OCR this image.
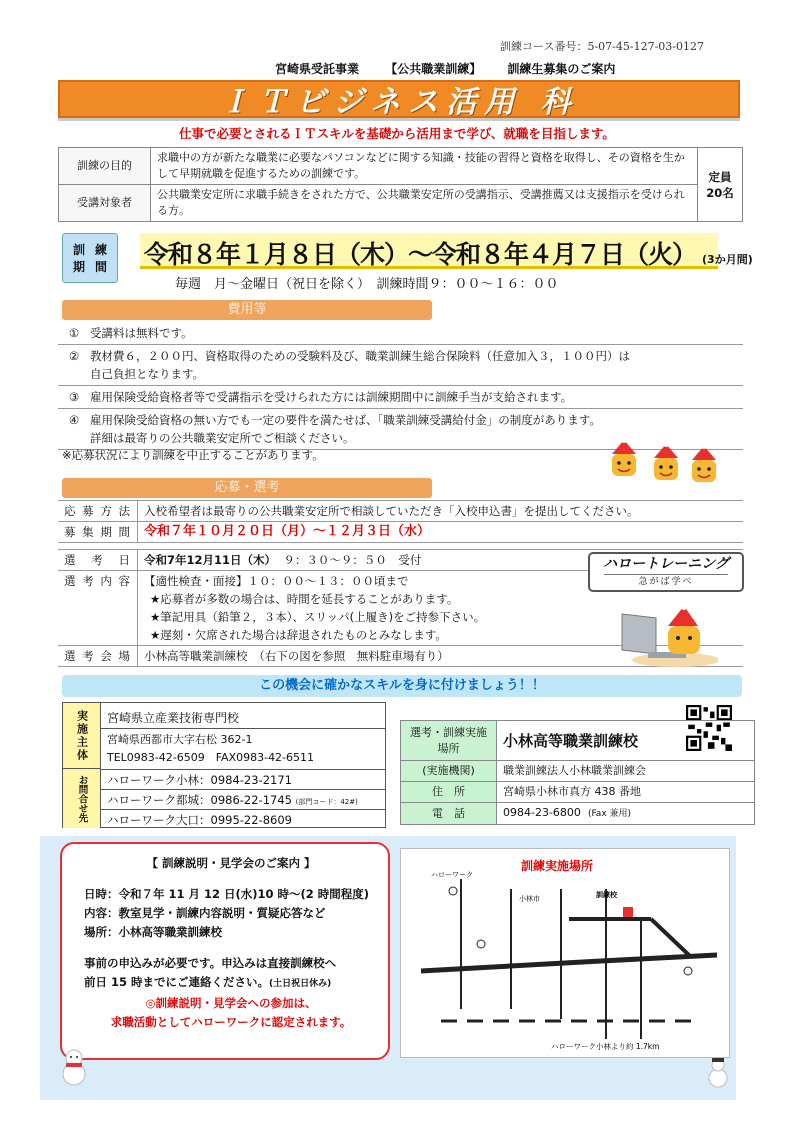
訓練コース番号：5-07-45-127-03-0127
宮崎県受託事業 【公共職業訓練】 訓練生募集のご案内
ＩＴビジネス活用 科
仕事で必要とされるＩＴスキルを基礎から活用まで学び、就職を目指します。
訓練の目的	求職中の方が新たな職業に必要なパソコンなどに関する知識・技能の習得と資格を取得し、その資格を生かして早期就職を促進するための訓練です。	定員
20名

受講対象者	公共職業安定所に求職手続きをされた方で、公共職業安定所の受講指示、受講推薦又は支援指示を受けられる方。	
訓練
期間 令和８年１月８日（木）～令和８年４月７日（火） (3か月間)
毎週　月～金曜日（祝日を除く）　訓練時間９：００～１６：００
費用等
① 受講料は無料です。
② 教材費６，２００円、資格取得のための受験料及び、職業訓練生総合保険料（任意加入３，１００円）は
自己負担となります。
③ 雇用保険受給資格者等で受講指示を受けられた方には訓練期間中に訓練手当が支給されます。
④ 雇用保険受給資格の無い方でも一定の要件を満たせば、「職業訓練受講給付金」の制度があります。
詳細は最寄りの公共職業安定所でご相談ください。
※応募状況により訓練を中止することがあります。
応募・選考
応募方法	入校希望者は最寄りの公共職業安定所で相談していただき「入校申込書」を提出してください。
募集期間	令和７年１０月２０日（月）～１２月３日（水）
選考日	令和7年12月11日（木） ９：３０～９：５０　受付
選考内容	【適性検査・面接】１０：００～１３：００頃まで
★応募者が多数の場合は、時間を延長することがあります。
★筆記用具（鉛筆２，３本）、スリッパ(上履き)をご持参下さい。
★遅刻・欠席された場合は辞退されたものとみなします。
選考会場	小林高等職業訓練校　（右下の図を参照　無料駐車場有り）
ハロートレーニング
急がば学べ
この機会に確かなスキルを身に付けましょう！！
実施主体 宮崎県立産業技術専門校
宮崎県西都市大字右松 362-1
TEL0983-42-6509　FAX0983-42-6511
お問合せ先 ハローワーク小林：0984-23-2171
ハローワーク都城：0986-22-1745 (部門コード：42#)
ハローワーク大口：0995-22-8609
選考・訓練実施場所	小林高等職業訓練校
(実施機関)	職業訓練法人小林職業訓練会
住　所	宮崎県小林市真方 438 番地
電　話	0984-23-6800 (Fax 兼用)
【 訓練説明・見学会のご案内 】
日時：令和７年 11 月 12 日(水)10 時～(2 時間程度)
内容：教室見学・訓練内容説明・質疑応答など
場所：小林高等職業訓練校
事前の申込みが必要です。申込みは直接訓練校へ
前日 15 時までにご連絡ください。(土日祝日休み)
◎訓練説明・見学会への参加は、
求職活動としてハローワークに認定されます。
訓練実施場所
ハローワーク
小林市	訓練校
ハローワーク小林より約 1.7km
